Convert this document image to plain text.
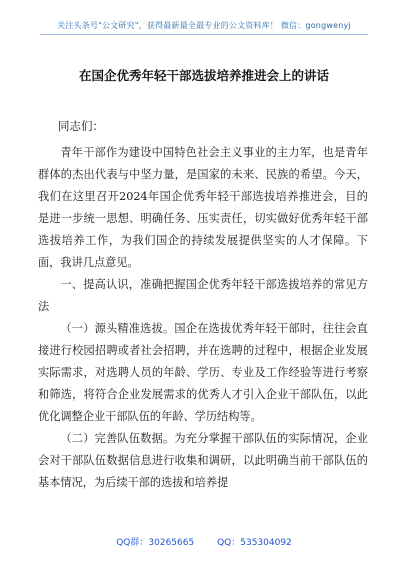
关注头条号"公文研究"，获得最新最全最专业的公文资料库！ 微信：gongwenyj
在国企优秀年轻干部选拔培养推进会上的讲话
同志们：

青年干部作为建设中国特色社会主义事业的主力军，也是青年群体的杰出代表与中坚力量，是国家的未来、民族的希望。今天，我们在这里召开2024年国企优秀年轻干部选拔培养推进会，目的是进一步统一思想、明确任务、压实责任，切实做好优秀年轻干部选拔培养工作，为我们国企的持续发展提供坚实的人才保障。下面，我讲几点意见。

一、提高认识，准确把握国企优秀年轻干部选拔培养的常见方法

（一）源头精准选拔。国企在选拔优秀年轻干部时，往往会直接进行校园招聘或者社会招聘，并在选聘的过程中，根据企业发展实际需求，对选聘人员的年龄、学历、专业及工作经验等进行考察和筛选，将符合企业发展需求的优秀人才引入企业干部队伍，以此优化调整企业干部队伍的年龄、学历结构等。

（二）完善队伍数据。为充分掌握干部队伍的实际情况，企业会对干部队伍数据信息进行收集和调研，以此明确当前干部队伍的基本情况，为后续干部的选拔和培养提

QQ群：30265665	QQ：535304092
